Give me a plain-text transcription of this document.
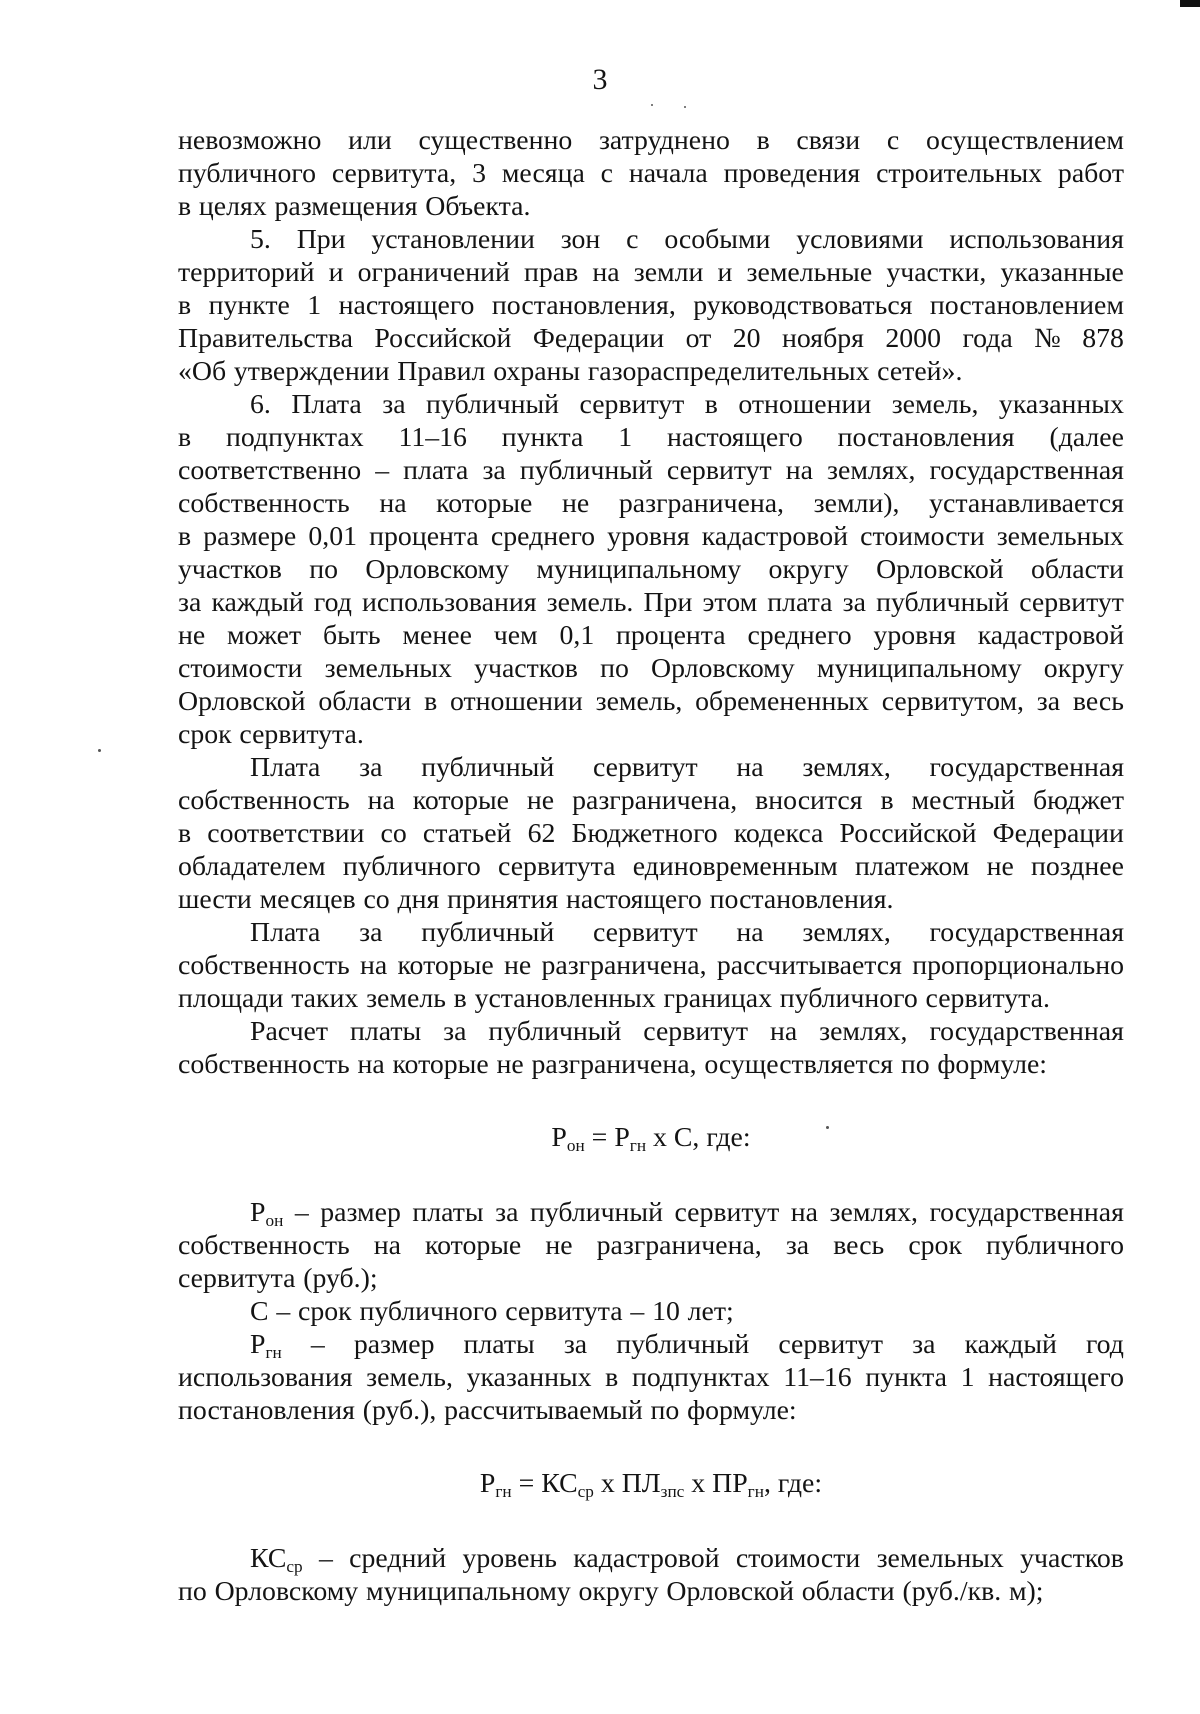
3
невозможно или существенно затруднено в связи с осуществлением
публичного сервитута, 3 месяца с начала проведения строительных работ
в целях размещения Объекта.
5. При установлении зон с особыми условиями использования
территорий и ограничений прав на земли и земельные участки, указанные
в пункте 1 настоящего постановления, руководствоваться постановлением
Правительства Российской Федерации от 20 ноября 2000 года № 878
«Об утверждении Правил охраны газораспределительных сетей».
6. Плата за публичный сервитут в отношении земель, указанных
в подпунктах 11–16 пункта 1 настоящего постановления (далее
соответственно – плата за публичный сервитут на землях, государственная
собственность на которые не разграничена, земли), устанавливается
в размере 0,01 процента среднего уровня кадастровой стоимости земельных
участков по Орловскому муниципальному округу Орловской области
за каждый год использования земель. При этом плата за публичный сервитут
не может быть менее чем 0,1 процента среднего уровня кадастровой
стоимости земельных участков по Орловскому муниципальному округу
Орловской области в отношении земель, обремененных сервитутом, за весь
срок сервитута.
Плата за публичный сервитут на землях, государственная
собственность на которые не разграничена, вносится в местный бюджет
в соответствии со статьей 62 Бюджетного кодекса Российской Федерации
обладателем публичного сервитута единовременным платежом не позднее
шести месяцев со дня принятия настоящего постановления.
Плата за публичный сервитут на землях, государственная
собственность на которые не разграничена, рассчитывается пропорционально
площади таких земель в установленных границах публичного сервитута.
Расчет платы за публичный сервитут на землях, государственная
собственность на которые не разграничена, осуществляется по формуле:
$Р_{он} = Р_{гн}$ х С, где:
$Р_{он}$ – размер платы за публичный сервитут на землях, государственная
собственность на которые не разграничена, за весь срок публичного
сервитута (руб.);
С – срок публичного сервитута – 10 лет;
$Р_{гн}$ – размер платы за публичный сервитут за каждый год
использования земель, указанных в подпунктах 11–16 пункта 1 настоящего
постановления (руб.), рассчитываемый по формуле:
$Р_{гн} = КС_{ср}$ х $ПЛ_{зпс}$ х $ПР_{гн}$, где:
$КС_{ср}$ – средний уровень кадастровой стоимости земельных участков
по Орловскому муниципальному округу Орловской области (руб./кв. м);
